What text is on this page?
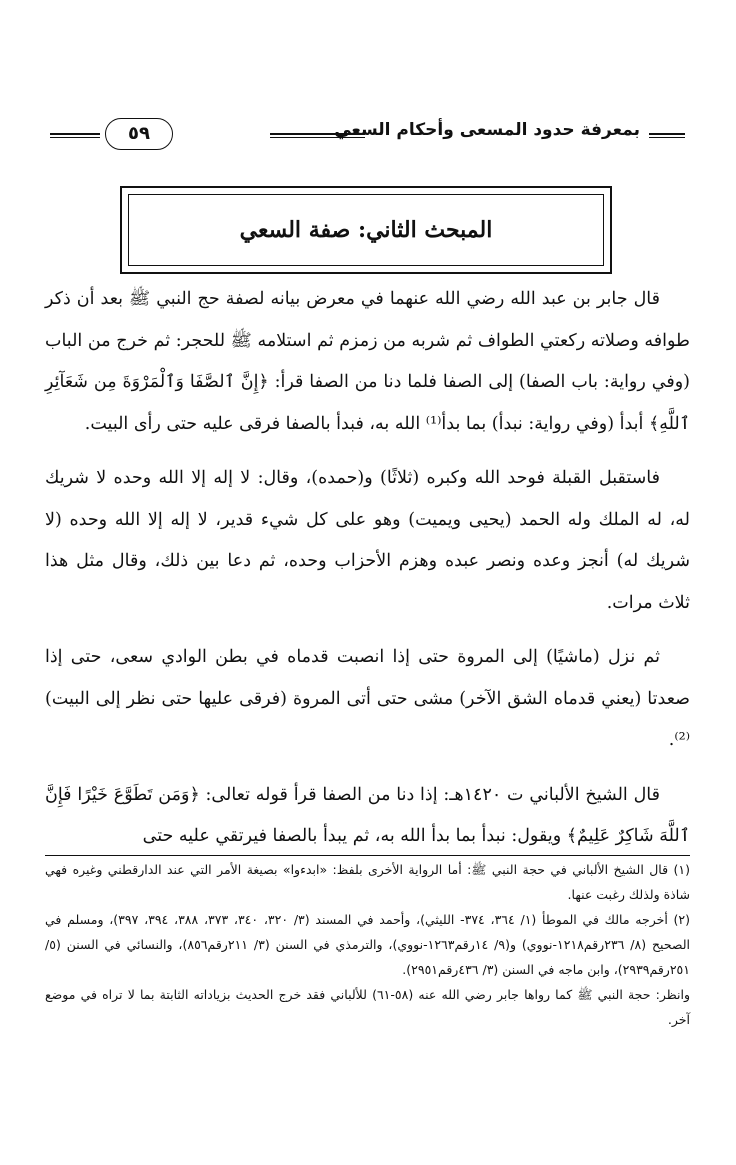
بمعرفة حدود المسعى وأحكام السعي
٥٩
المبحث الثاني: صفة السعي

قال جابر بن عبد الله رضي الله عنهما في معرض بيانه لصفة حج النبي ﷺ بعد أن ذكر طوافه وصلاته ركعتي الطواف ثم شربه من زمزم ثم استلامه ﷺ للحجر: ثم خرج من الباب (وفي رواية: باب الصفا) إلى الصفا فلما دنا من الصفا قرأ: ﴿إِنَّ ٱلصَّفَا وَٱلْمَرْوَةَ مِن شَعَآئِرِ ٱللَّهِ﴾ أبدأ (وفي رواية: نبدأ) بما بدأ⁽¹⁾ الله به، فبدأ بالصفا فرقى عليه حتى رأى البيت.

فاستقبل القبلة فوحد الله وكبره (ثلاثًا) و(حمده)، وقال: لا إله إلا الله وحده لا شريك له، له الملك وله الحمد (يحيى ويميت) وهو على كل شيء قدير، لا إله إلا الله وحده (لا شريك له) أنجز وعده ونصر عبده وهزم الأحزاب وحده، ثم دعا بين ذلك، وقال مثل هذا ثلاث مرات.

ثم نزل (ماشيًا) إلى المروة حتى إذا انصبت قدماه في بطن الوادي سعى، حتى إذا صعدتا (يعني قدماه الشق الآخر) مشى حتى أتى المروة (فرقى عليها حتى نظر إلى البيت)⁽²⁾.

قال الشيخ الألباني ت ١٤٢٠هـ: إذا دنا من الصفا قرأ قوله تعالى: ﴿وَمَن تَطَوَّعَ خَيْرًا فَإِنَّ ٱللَّهَ شَاكِرٌ عَلِيمٌ﴾ ويقول: نبدأ بما بدأ الله به، ثم يبدأ بالصفا فيرتقي عليه حتى

(١) قال الشيخ الألباني في حجة النبي ﷺ: أما الرواية الأخرى بلفظ: «ابدءوا» بصيغة الأمر التي عند الدارقطني وغيره فهي شاذة ولذلك رغبت عنها.

(٢) أخرجه مالك في الموطأ (١/ ٣٦٤، ٣٧٤- الليثي)، وأحمد في المسند (٣/ ٣٢٠، ٣٤٠، ٣٧٣، ٣٨٨، ٣٩٤، ٣٩٧)، ومسلم في الصحيح (٨/ ٢٣٦رقم١٢١٨-نووي) و(٩/ ١٤رقم١٢٦٣-نووي)، والترمذي في السنن (٣/ ٢١١رقم٨٥٦)، والنسائي في السنن (٥/ ٢٥١رقم٢٩٣٩)، وابن ماجه في السنن (٣/ ٤٣٦رقم٢٩٥١).

وانظر: حجة النبي ﷺ كما رواها جابر رضي الله عنه (٥٨-٦١) للألباني فقد خرج الحديث بزياداته الثابتة بما لا تراه في موضع آخر.
